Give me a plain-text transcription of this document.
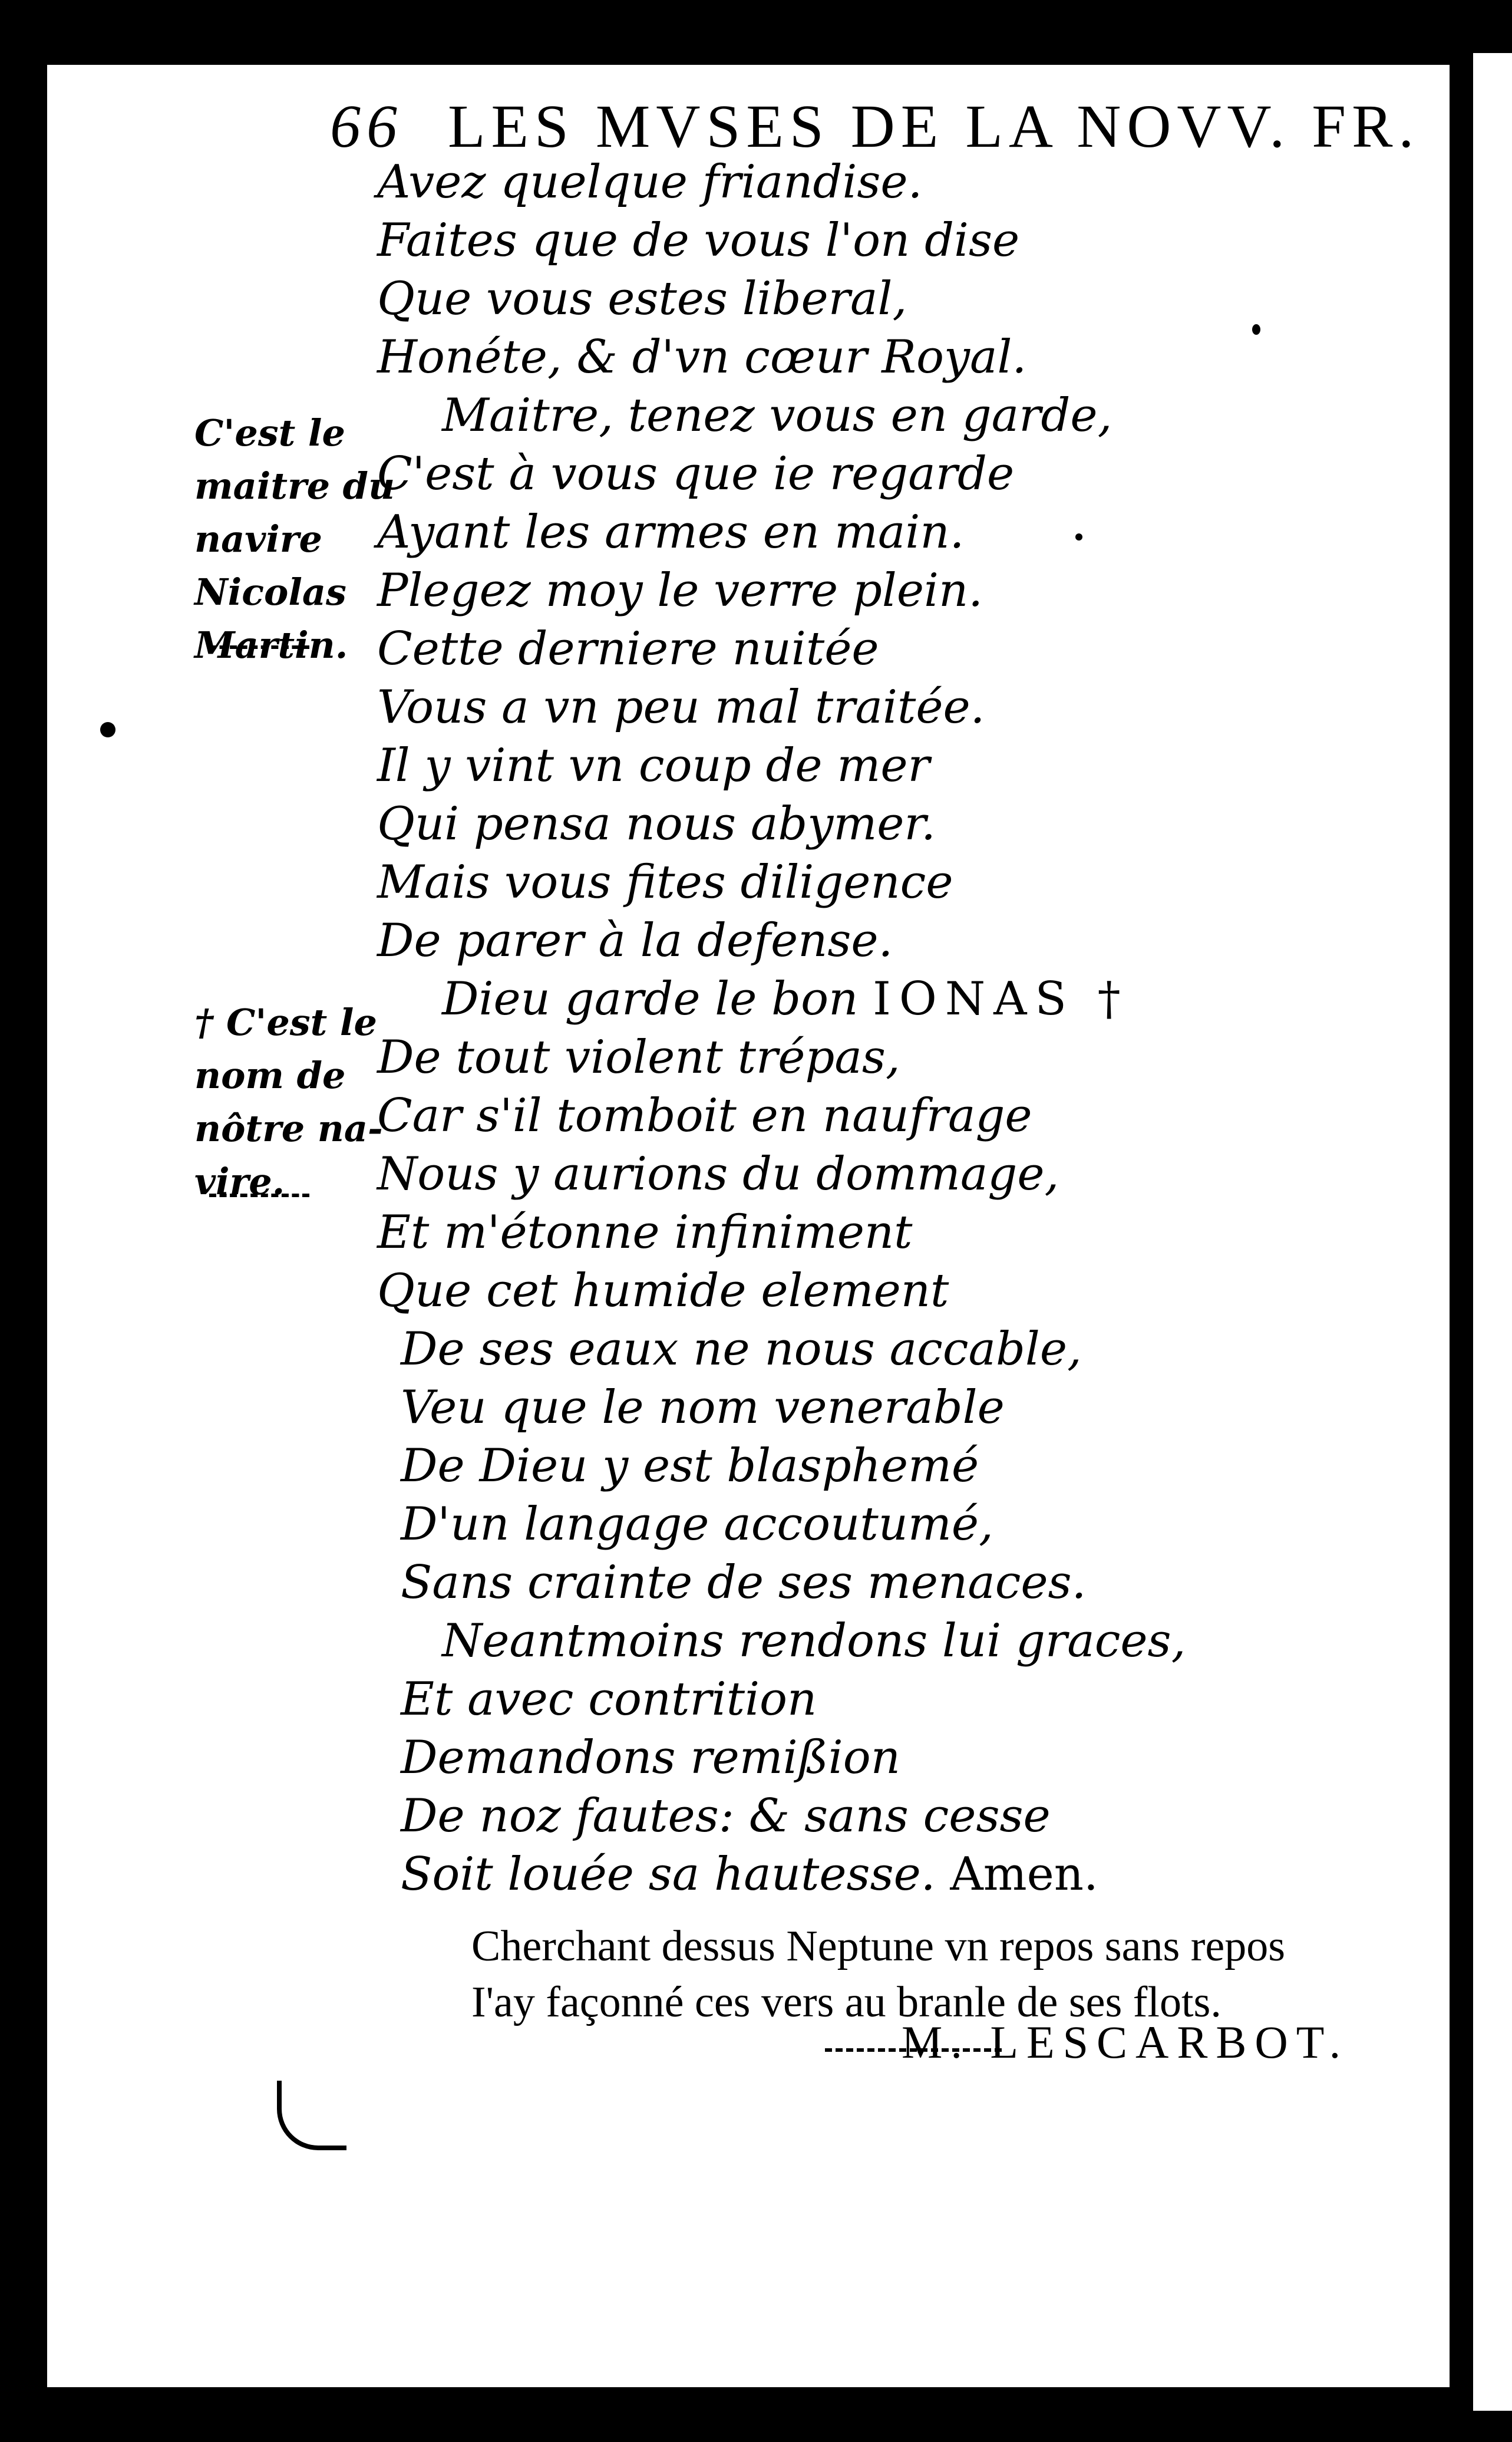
66 LES MVSES DE LA NOVV. FR.
Avez quelque friandise.
Faites que de vous l'on dise
Que vous estes liberal,
Honéte, & d'vn cœur Royal.
Maitre, tenez vous en garde,
C'est à vous que ie regarde
Ayant les armes en main.
Plegez moy le verre plein.
Cette derniere nuitée
Vous a vn peu mal traitée.
Il y vint vn coup de mer
Qui pensa nous abymer.
Mais vous fites diligence
De parer à la defense.
Dieu garde le bon IONAS †
De tout violent trépas,
Car s'il tomboit en naufrage
Nous y aurions du dommage,
Et m'étonne infiniment
Que cet humide element
De ses eaux ne nous accable,
Veu que le nom venerable
De Dieu y est blasphemé
D'un langage accoutumé,
Sans crainte de ses menaces.
Neantmoins rendons lui graces,
Et avec contrition
Demandons remißion
De noz fautes: & sans cesse
Soit louée sa hautesse. Amen.
C'est le
maitre du
navire
Nicolas
Martin.
† C'est le
nom de
nôtre na-
vire.
Cherchant dessus Neptune vn repos sans repos
I'ay façonné ces vers au branle de ses flots.
M. LESCARBOT.
